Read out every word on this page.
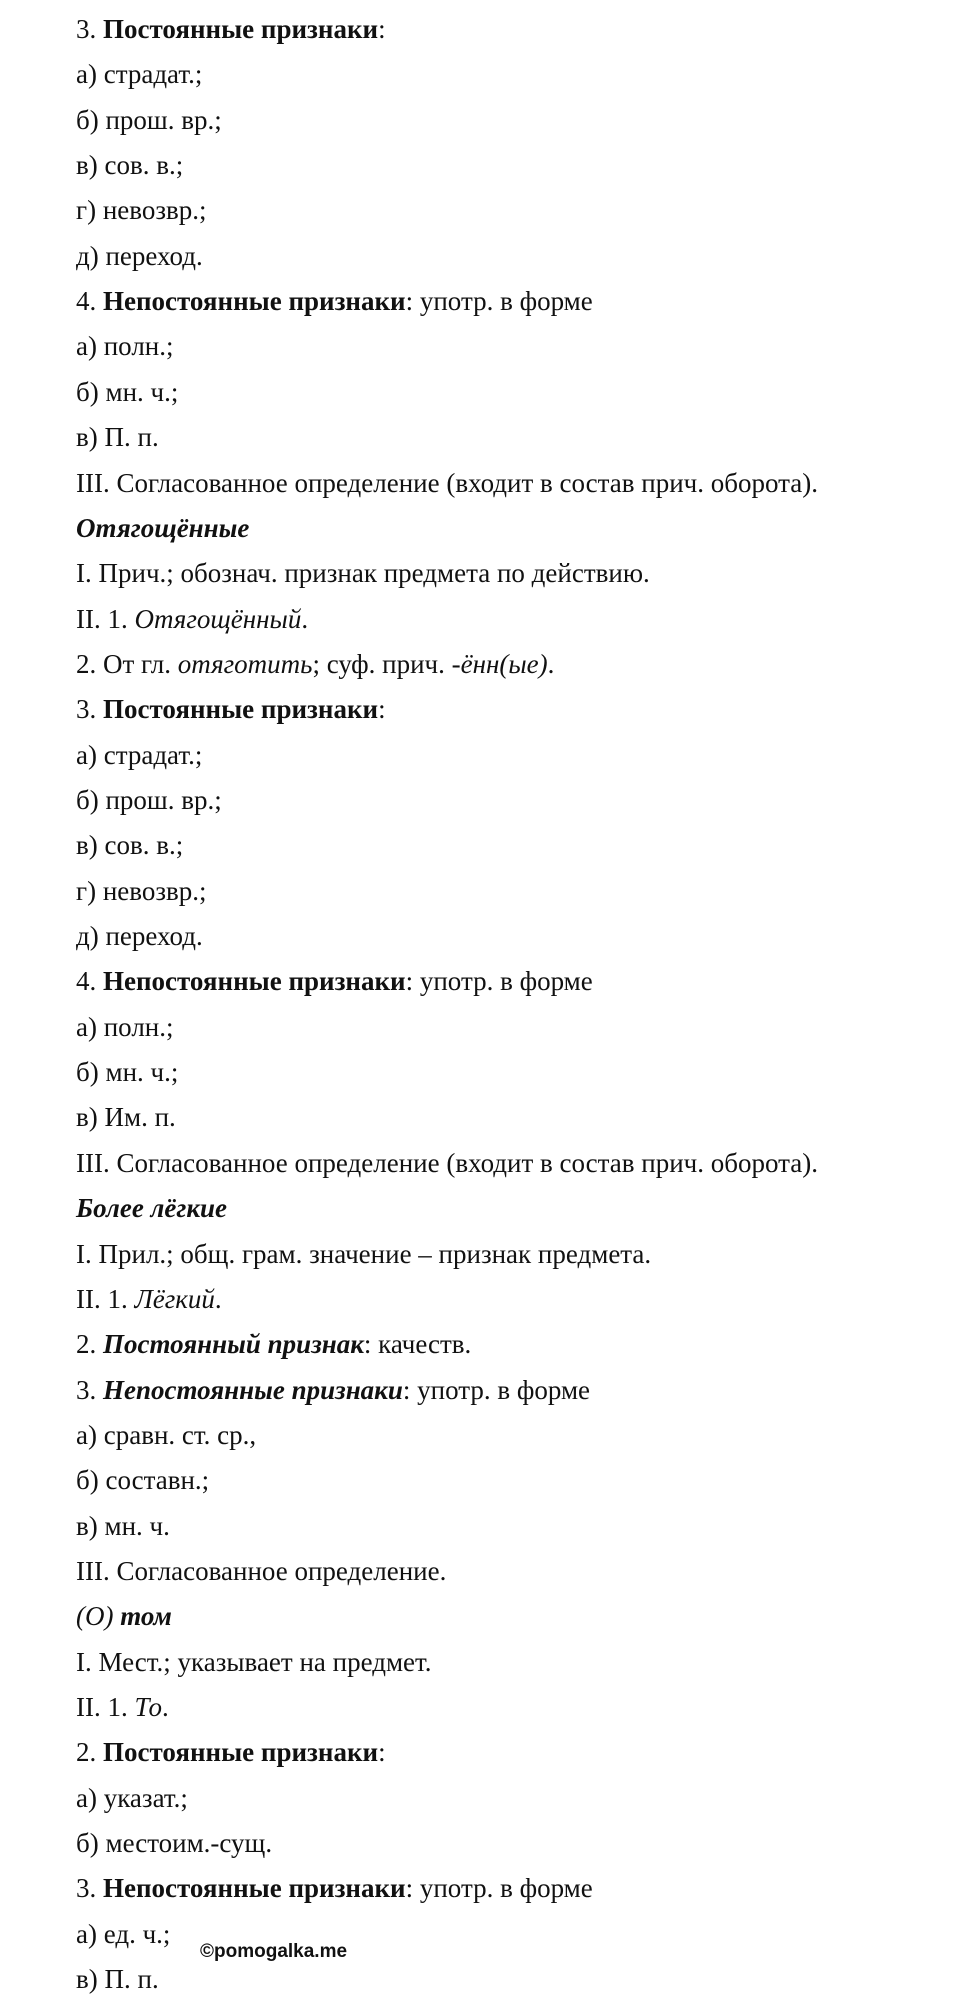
3. Постоянные признаки:
а) страдат.;
б) прош. вр.;
в) сов. в.;
г) невозвр.;
д) переход.
4. Непостоянные признаки: употр. в форме
а) полн.;
б) мн. ч.;
в) П. п.
III. Согласованное определение (входит в состав прич. оборота).
Отягощённые
I. Прич.; обознач. признак предмета по действию.
II. 1. Отягощённый.
2. От гл. отяготить; суф. прич. -ённ(ые).
3. Постоянные признаки:
а) страдат.;
б) прош. вр.;
в) сов. в.;
г) невозвр.;
д) переход.
4. Непостоянные признаки: употр. в форме
а) полн.;
б) мн. ч.;
в) Им. п.
III. Согласованное определение (входит в состав прич. оборота).
Более лёгкие
I. Прил.; общ. грам. значение – признак предмета.
II. 1. Лёгкий.
2. Постоянный признак: качеств.
3. Непостоянные признаки: употр. в форме
а) сравн. ст. ср.,
б) составн.;
в) мн. ч.
III. Согласованное определение.
(О) том
I. Мест.; указывает на предмет.
II. 1. То.
2. Постоянные признаки:
а) указат.;
б) местоим.-сущ.
3. Непостоянные признаки: употр. в форме
а) ед. ч.;
в) П. п.
©pomogalka.me
